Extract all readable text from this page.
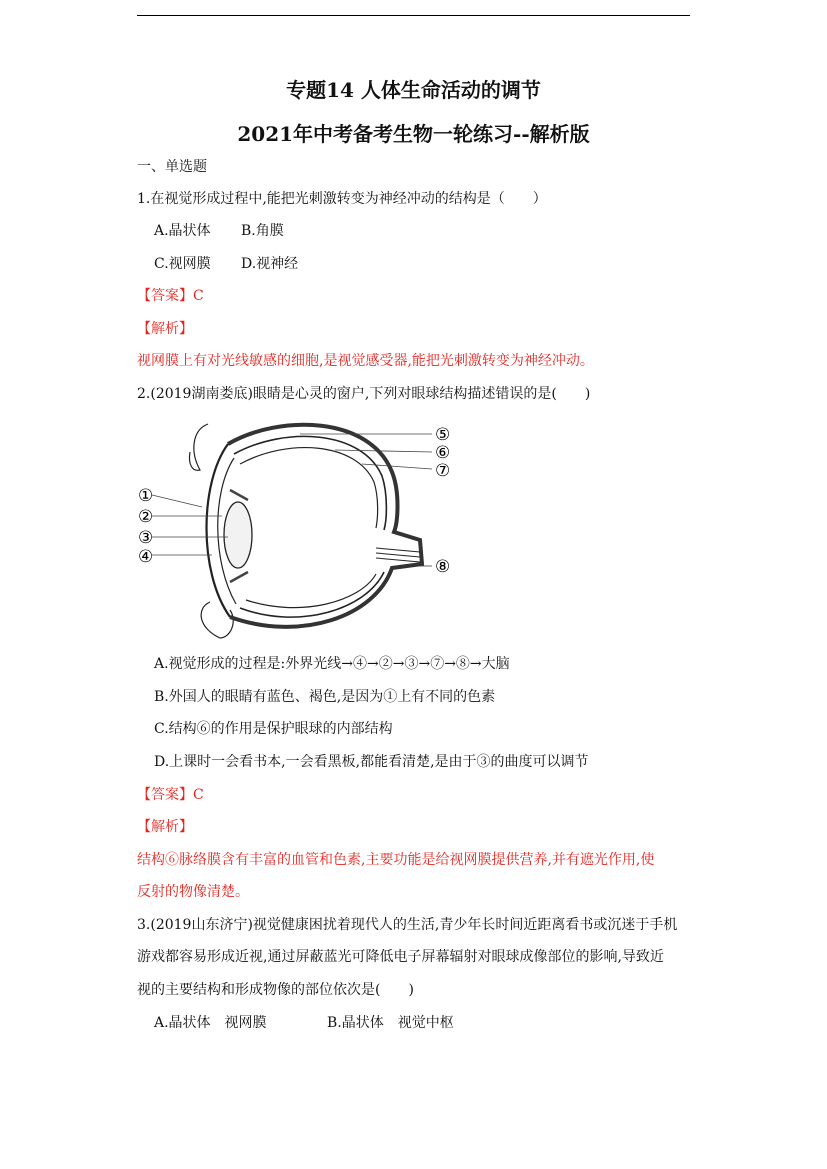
专题14 人体生命活动的调节
2021年中考备考生物一轮练习--解析版
一、单选题
1.在视觉形成过程中,能把光刺激转变为神经冲动的结构是（　　）
A.晶状体 B.角膜
C.视网膜 D.视神经
【答案】C
【解析】
视网膜上有对光线敏感的细胞,是视觉感受器,能把光刺激转变为神经冲动。
2.(2019湖南娄底)眼睛是心灵的窗户,下列对眼球结构描述错误的是(　　)
①
②
③
④
⑤
⑥
⑦
⑧
A.视觉形成的过程是:外界光线→④→②→③→⑦→⑧→大脑
B.外国人的眼睛有蓝色、褐色,是因为①上有不同的色素
C.结构⑥的作用是保护眼球的内部结构
D.上课时一会看书本,一会看黑板,都能看清楚,是由于③的曲度可以调节
【答案】C
【解析】
结构⑥脉络膜含有丰富的血管和色素,主要功能是给视网膜提供营养,并有遮光作用,使
反射的物像清楚。
3.(2019山东济宁)视觉健康困扰着现代人的生活,青少年长时间近距离看书或沉迷于手机
游戏都容易形成近视,通过屏蔽蓝光可降低电子屏幕辐射对眼球成像部位的影响,导致近
视的主要结构和形成物像的部位依次是(　　)
A.晶状体　视网膜	B.晶状体　视觉中枢
